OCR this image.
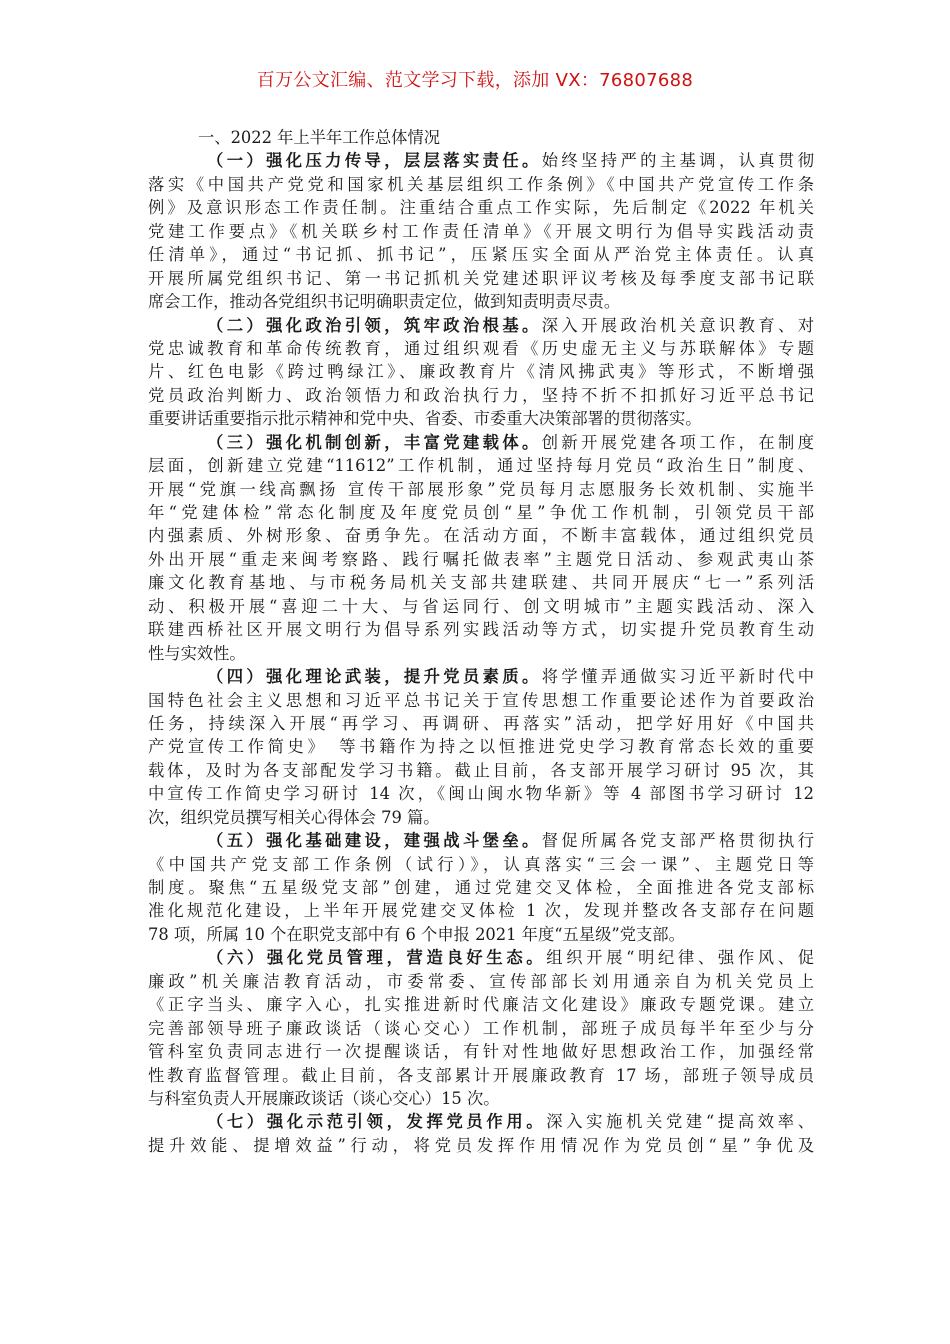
百万公文汇编、范文学习下载，添加 VX：76807688
一、2022 年上半年工作总体情况
（一）强化压力传导，层层落实责任。始终坚持严的主基调，认真贯彻
落实《中国共产党党和国家机关基层组织工作条例》《中国共产党宣传工作条
例》及意识形态工作责任制。注重结合重点工作实际，先后制定《2022 年机关
党建工作要点》《机关联乡村工作责任清单》《开展文明行为倡导实践活动责
任清单》，通过“书记抓、抓书记”，压紧压实全面从严治党主体责任。认真
开展所属党组织书记、第一书记抓机关党建述职评议考核及每季度支部书记联
席会工作，推动各党组织书记明确职责定位，做到知责明责尽责。
（二）强化政治引领，筑牢政治根基。深入开展政治机关意识教育、对
党忠诚教育和革命传统教育，通过组织观看《历史虚无主义与苏联解体》专题
片、红色电影《跨过鸭绿江》、廉政教育片《清风拂武夷》等形式，不断增强
党员政治判断力、政治领悟力和政治执行力，坚持不折不扣抓好习近平总书记
重要讲话重要指示批示精神和党中央、省委、市委重大决策部署的贯彻落实。
（三）强化机制创新，丰富党建载体。创新开展党建各项工作，在制度
层面，创新建立党建“11612”工作机制，通过坚持每月党员“政治生日”制度、
开展“党旗一线高飘扬 宣传干部展形象”党员每月志愿服务长效机制、实施半
年“党建体检”常态化制度及年度党员创“星”争优工作机制，引领党员干部
内强素质、外树形象、奋勇争先。在活动方面，不断丰富载体，通过组织党员
外出开展“重走来闽考察路、践行嘱托做表率”主题党日活动、参观武夷山茶
廉文化教育基地、与市税务局机关支部共建联建、共同开展庆“七一”系列活
动、积极开展“喜迎二十大、与省运同行、创文明城市”主题实践活动、深入
联建西桥社区开展文明行为倡导系列实践活动等方式，切实提升党员教育生动
性与实效性。
（四）强化理论武装，提升党员素质。将学懂弄通做实习近平新时代中
国特色社会主义思想和习近平总书记关于宣传思想工作重要论述作为首要政治
任务，持续深入开展“再学习、再调研、再落实”活动，把学好用好《中国共
产党宣传工作简史》　等书籍作为持之以恒推进党史学习教育常态长效的重要
载体，及时为各支部配发学习书籍。截止目前，各支部开展学习研讨 95 次，其
中宣传工作简史学习研讨 14 次，《闽山闽水物华新》等 4 部图书学习研讨 12
次，组织党员撰写相关心得体会 79 篇。
（五）强化基础建设，建强战斗堡垒。督促所属各党支部严格贯彻执行
《中国共产党支部工作条例（试行）》，认真落实“三会一课”、主题党日等
制度。聚焦“五星级党支部”创建，通过党建交叉体检，全面推进各党支部标
准化规范化建设，上半年开展党建交叉体检 1 次，发现并整改各支部存在问题
78 项，所属 10 个在职党支部中有 6 个申报 2021 年度“五星级”党支部。
（六）强化党员管理，营造良好生态。组织开展“明纪律、强作风、促
廉政”机关廉洁教育活动，市委常委、宣传部部长刘用通亲自为机关党员上
《正字当头、廉字入心，扎实推进新时代廉洁文化建设》廉政专题党课。建立
完善部领导班子廉政谈话（谈心交心）工作机制，部班子成员每半年至少与分
管科室负责同志进行一次提醒谈话，有针对性地做好思想政治工作，加强经常
性教育监督管理。截止目前，各支部累计开展廉政教育 17 场，部班子领导成员
与科室负责人开展廉政谈话（谈心交心）15 次。
（七）强化示范引领，发挥党员作用。深入实施机关党建“提高效率、
提升效能、提增效益”行动，将党员发挥作用情况作为党员创“星”争优及
